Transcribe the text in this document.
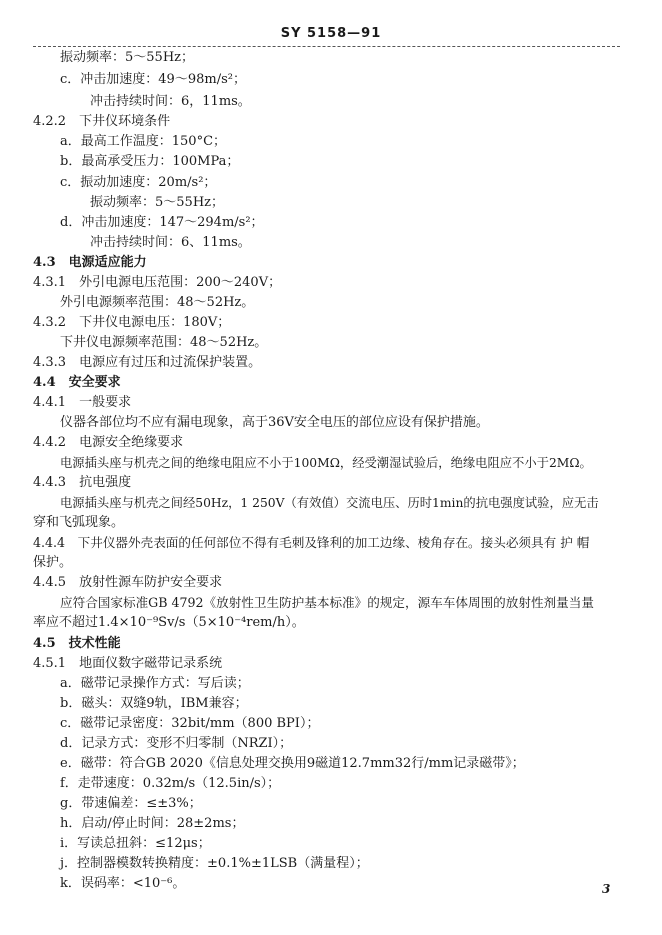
SY 5158—91
振动频率：5～55Hz；
c．冲击加速度：49～98m/s²；
冲击持续时间：6，11ms。
4.2.2　下井仪环境条件
a．最高工作温度：150°C；
b．最高承受压力：100MPa；
c．振动加速度：20m/s²；
振动频率：5～55Hz；
d．冲击加速度：147～294m/s²；
冲击持续时间：6、11ms。
4.3　电源适应能力
4.3.1　外引电源电压范围：200～240V；
外引电源频率范围：48～52Hz。
4.3.2　下井仪电源电压：180V；
下井仪电源频率范围：48～52Hz。
4.3.3　电源应有过压和过流保护装置。
4.4　安全要求
4.4.1　一般要求
仪器各部位均不应有漏电现象，高于36V安全电压的部位应设有保护措施。
4.4.2　电源安全绝缘要求
电源插头座与机壳之间的绝缘电阻应不小于100MΩ，经受潮湿试验后，绝缘电阻应不小于2MΩ。
4.4.3　抗电强度
电源插头座与机壳之间经50Hz，1 250V（有效值）交流电压、历时1min的抗电强度试验，应无击
穿和飞弧现象。
4.4.4　下井仪器外壳表面的任何部位不得有毛刺及锋利的加工边缘、棱角存在。接头必须具有 护 帽
保护。
4.4.5　放射性源车防护安全要求
应符合国家标准GB 4792《放射性卫生防护基本标准》的规定，源车车体周围的放射性剂量当量
率应不超过1.4×10⁻⁹Sv/s（5×10⁻⁴rem/h）。
4.5　技术性能
4.5.1　地面仪数字磁带记录系统
a．磁带记录操作方式：写后读；
b．磁头：双缝9轨，IBM兼容；
c．磁带记录密度：32bit/mm（800 BPI）；
d．记录方式：变形不归零制（NRZI）；
e．磁带：符合GB 2020《信息处理交换用9磁道12.7mm32行/mm记录磁带》；
f．走带速度：0.32m/s（12.5in/s）；
g．带速偏差：≤±3%；
h．启动/停止时间：28±2ms；
i．写读总扭斜：≤12μs；
j．控制器模数转换精度：±0.1%±1LSB（满量程）；
k．误码率：<10⁻⁶。	3
